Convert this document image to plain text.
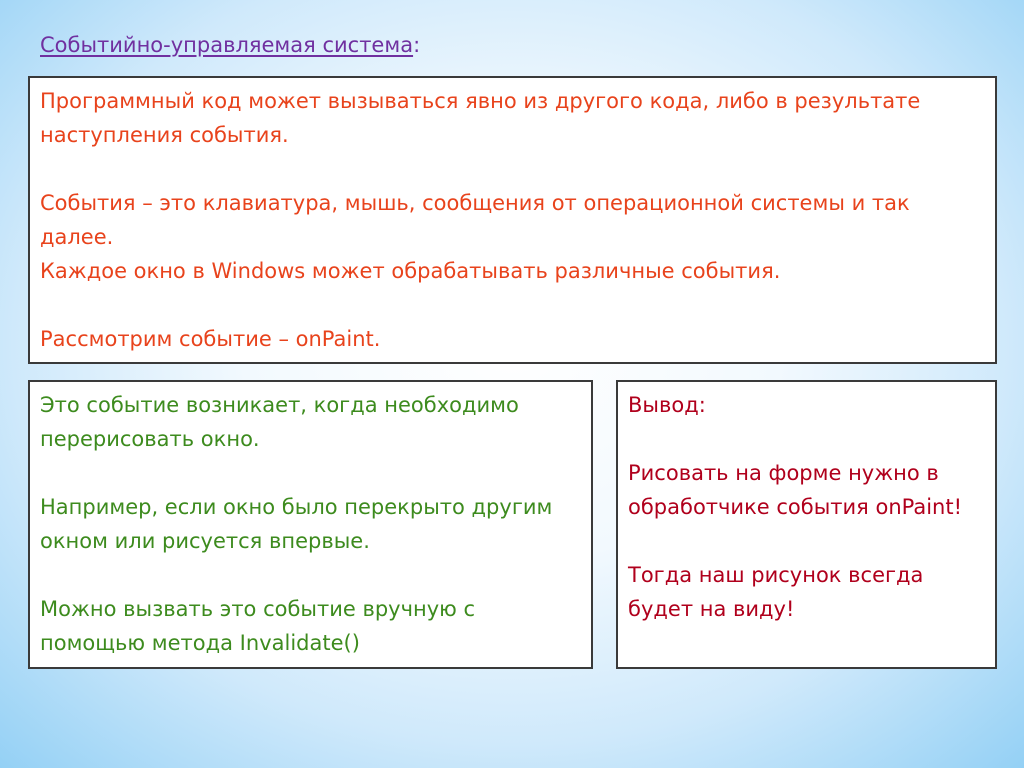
Событийно-управляемая система:

Программный код может вызываться явно из другого кода, либо в результате наступления события.

События – это клавиатура, мышь, сообщения от операционной системы и так далее.

Каждое окно в Windows может обрабатывать различные события.

Рассмотрим событие – onPaint.

Это событие возникает, когда необходимо перерисовать окно.

Например, если окно было перекрыто другим окном или рисуется впервые.

Можно вызвать это событие вручную с помощью метода Invalidate()

Вывод:

Рисовать на форме нужно в обработчике события onPaint!

Тогда наш рисунок всегда будет на виду!
